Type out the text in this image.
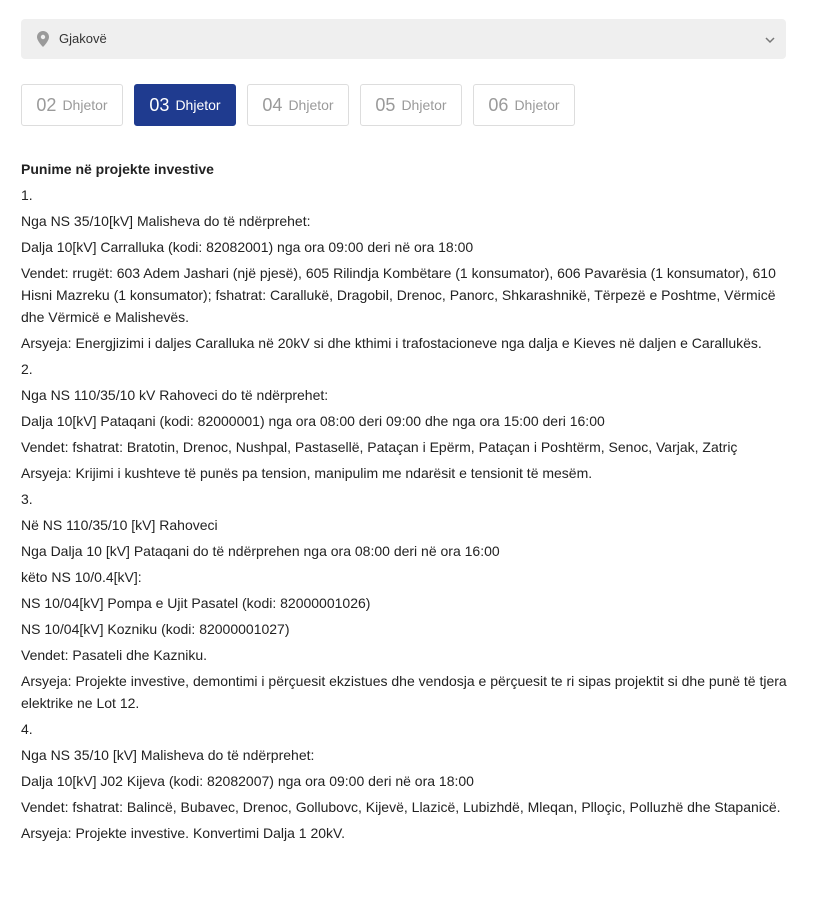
Gjakovë
02 Dhjetor 03 Dhjetor 04 Dhjetor 05 Dhjetor 06 Dhjetor

Punime në projekte investive

1.

Nga NS 35/10[kV] Malisheva do të ndërprehet:

Dalja 10[kV] Carralluka (kodi: 82082001) nga ora 09:00 deri në ora 18:00

Vendet: rrugët: 603 Adem Jashari (një pjesë), 605 Rilindja Kombëtare (1 konsumator), 606 Pavarësia (1 konsumator), 610 Hisni Mazreku (1 konsumator); fshatrat: Carallukë, Dragobil, Drenoc, Panorc, Shkarashnikë, Tërpezë e Poshtme, Vërmicë dhe Vërmicë e Malishevës.

Arsyeja: Energjizimi i daljes Caralluka në 20kV si dhe kthimi i trafostacioneve nga dalja e Kieves në daljen e Carallukës.

2.

Nga NS 110/35/10 kV Rahoveci do të ndërprehet:

Dalja 10[kV] Pataqani (kodi: 82000001) nga ora 08:00 deri 09:00 dhe nga ora 15:00 deri 16:00

Vendet: fshatrat: Bratotin, Drenoc, Nushpal, Pastasellë, Pataçan i Epërm, Pataçan i Poshtërm, Senoc, Varjak, Zatriç

Arsyeja: Krijimi i kushteve të punës pa tension, manipulim me ndarësit e tensionit të mesëm.

3.

Në NS 110/35/10 [kV] Rahoveci

Nga Dalja 10 [kV] Pataqani do të ndërprehen nga ora 08:00 deri në ora 16:00

këto NS 10/0.4[kV]:

NS 10/04[kV] Pompa e Ujit Pasatel (kodi: 82000001026)

NS 10/04[kV] Kozniku (kodi: 82000001027)

Vendet: Pasateli dhe Kazniku.

Arsyeja: Projekte investive, demontimi i përçuesit ekzistues dhe vendosja e përçuesit te ri sipas projektit si dhe punë të tjera elektrike ne Lot 12.

4.

Nga NS 35/10 [kV] Malisheva do të ndërprehet:

Dalja 10[kV] J02 Kijeva (kodi: 82082007) nga ora 09:00 deri në ora 18:00

Vendet: fshatrat: Balincë, Bubavec, Drenoc, Gollubovc, Kijevë, Llazicë, Lubizhdë, Mleqan, Plloçic, Polluzhë dhe Stapanicë.

Arsyeja: Projekte investive. Konvertimi Dalja 1 20kV.
